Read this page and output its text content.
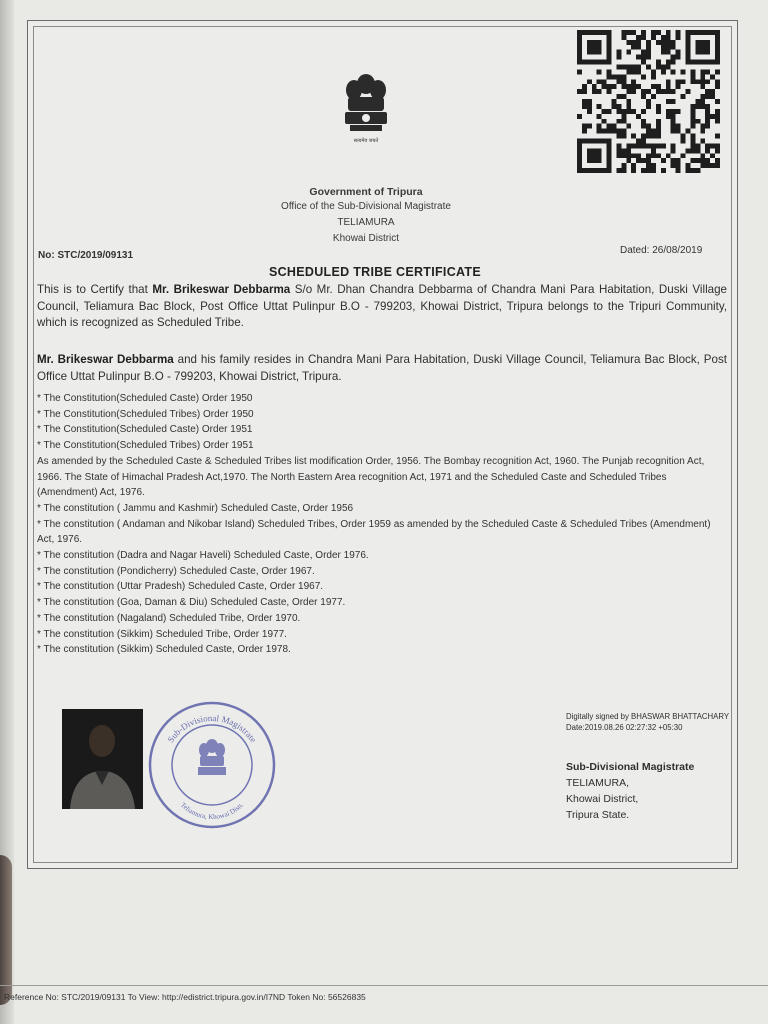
सत्यमेव जयते
Government of Tripura
Office of the Sub-Divisional Magistrate
TELIAMURA
Khowai District
No: STC/2019/09131	Dated: 26/08/2019
SCHEDULED TRIBE CERTIFICATE
This is to Certify that Mr. Brikeswar Debbarma S/o Mr. Dhan Chandra Debbarma of Chandra Mani Para Habitation, Duski Village Council, Teliamura Bac Block, Post Office Uttat Pulinpur B.O - 799203, Khowai District, Tripura belongs to the Tripuri Community, which is recognized as Scheduled Tribe.
Mr. Brikeswar Debbarma and his family resides in Chandra Mani Para Habitation, Duski Village Council, Teliamura Bac Block, Post Office Uttat Pulinpur B.O - 799203, Khowai District, Tripura.
* The Constitution(Scheduled Caste) Order 1950
* The Constitution(Scheduled Tribes) Order 1950
* The Constitution(Scheduled Caste) Order 1951
* The Constitution(Scheduled Tribes) Order 1951
As amended by the Scheduled Caste & Scheduled Tribes list modification Order, 1956. The Bombay recognition Act, 1960. The Punjab recognition Act, 1966. The State of Himachal Pradesh Act,1970. The North Eastern Area recognition Act, 1971 and the Scheduled Caste and Scheduled Tribes (Amendment) Act, 1976.
* The constitution ( Jammu and Kashmir) Scheduled Caste, Order 1956
* The constitution ( Andaman and Nikobar Island) Scheduled Tribes, Order 1959 as amended by the Scheduled Caste & Scheduled Tribes (Amendment) Act, 1976.
* The constitution (Dadra and Nagar Haveli) Scheduled Caste, Order 1976.
* The constitution (Pondicherry) Scheduled Caste, Order 1967.
* The constitution (Uttar Pradesh) Scheduled Caste, Order 1967.
* The constitution (Goa, Daman & Diu) Scheduled Caste, Order 1977.
* The constitution (Nagaland) Scheduled Tribe, Order 1970.
* The constitution (Sikkim) Scheduled Tribe, Order 1977.
* The constitution (Sikkim) Scheduled Caste, Order 1978.
Sub-Divisional Magistrate
Teliamura, Khowai Distt.
Digitally signed by BHASWAR BHATTACHARY
Date:2019.08.26 02:27:32 +05:30
Sub-Divisional Magistrate
TELIAMURA,
Khowai District,
Tripura State.
Reference No: STC/2019/09131 To View: http://edistrict.tripura.gov.in/I7ND Token No: 56526835
